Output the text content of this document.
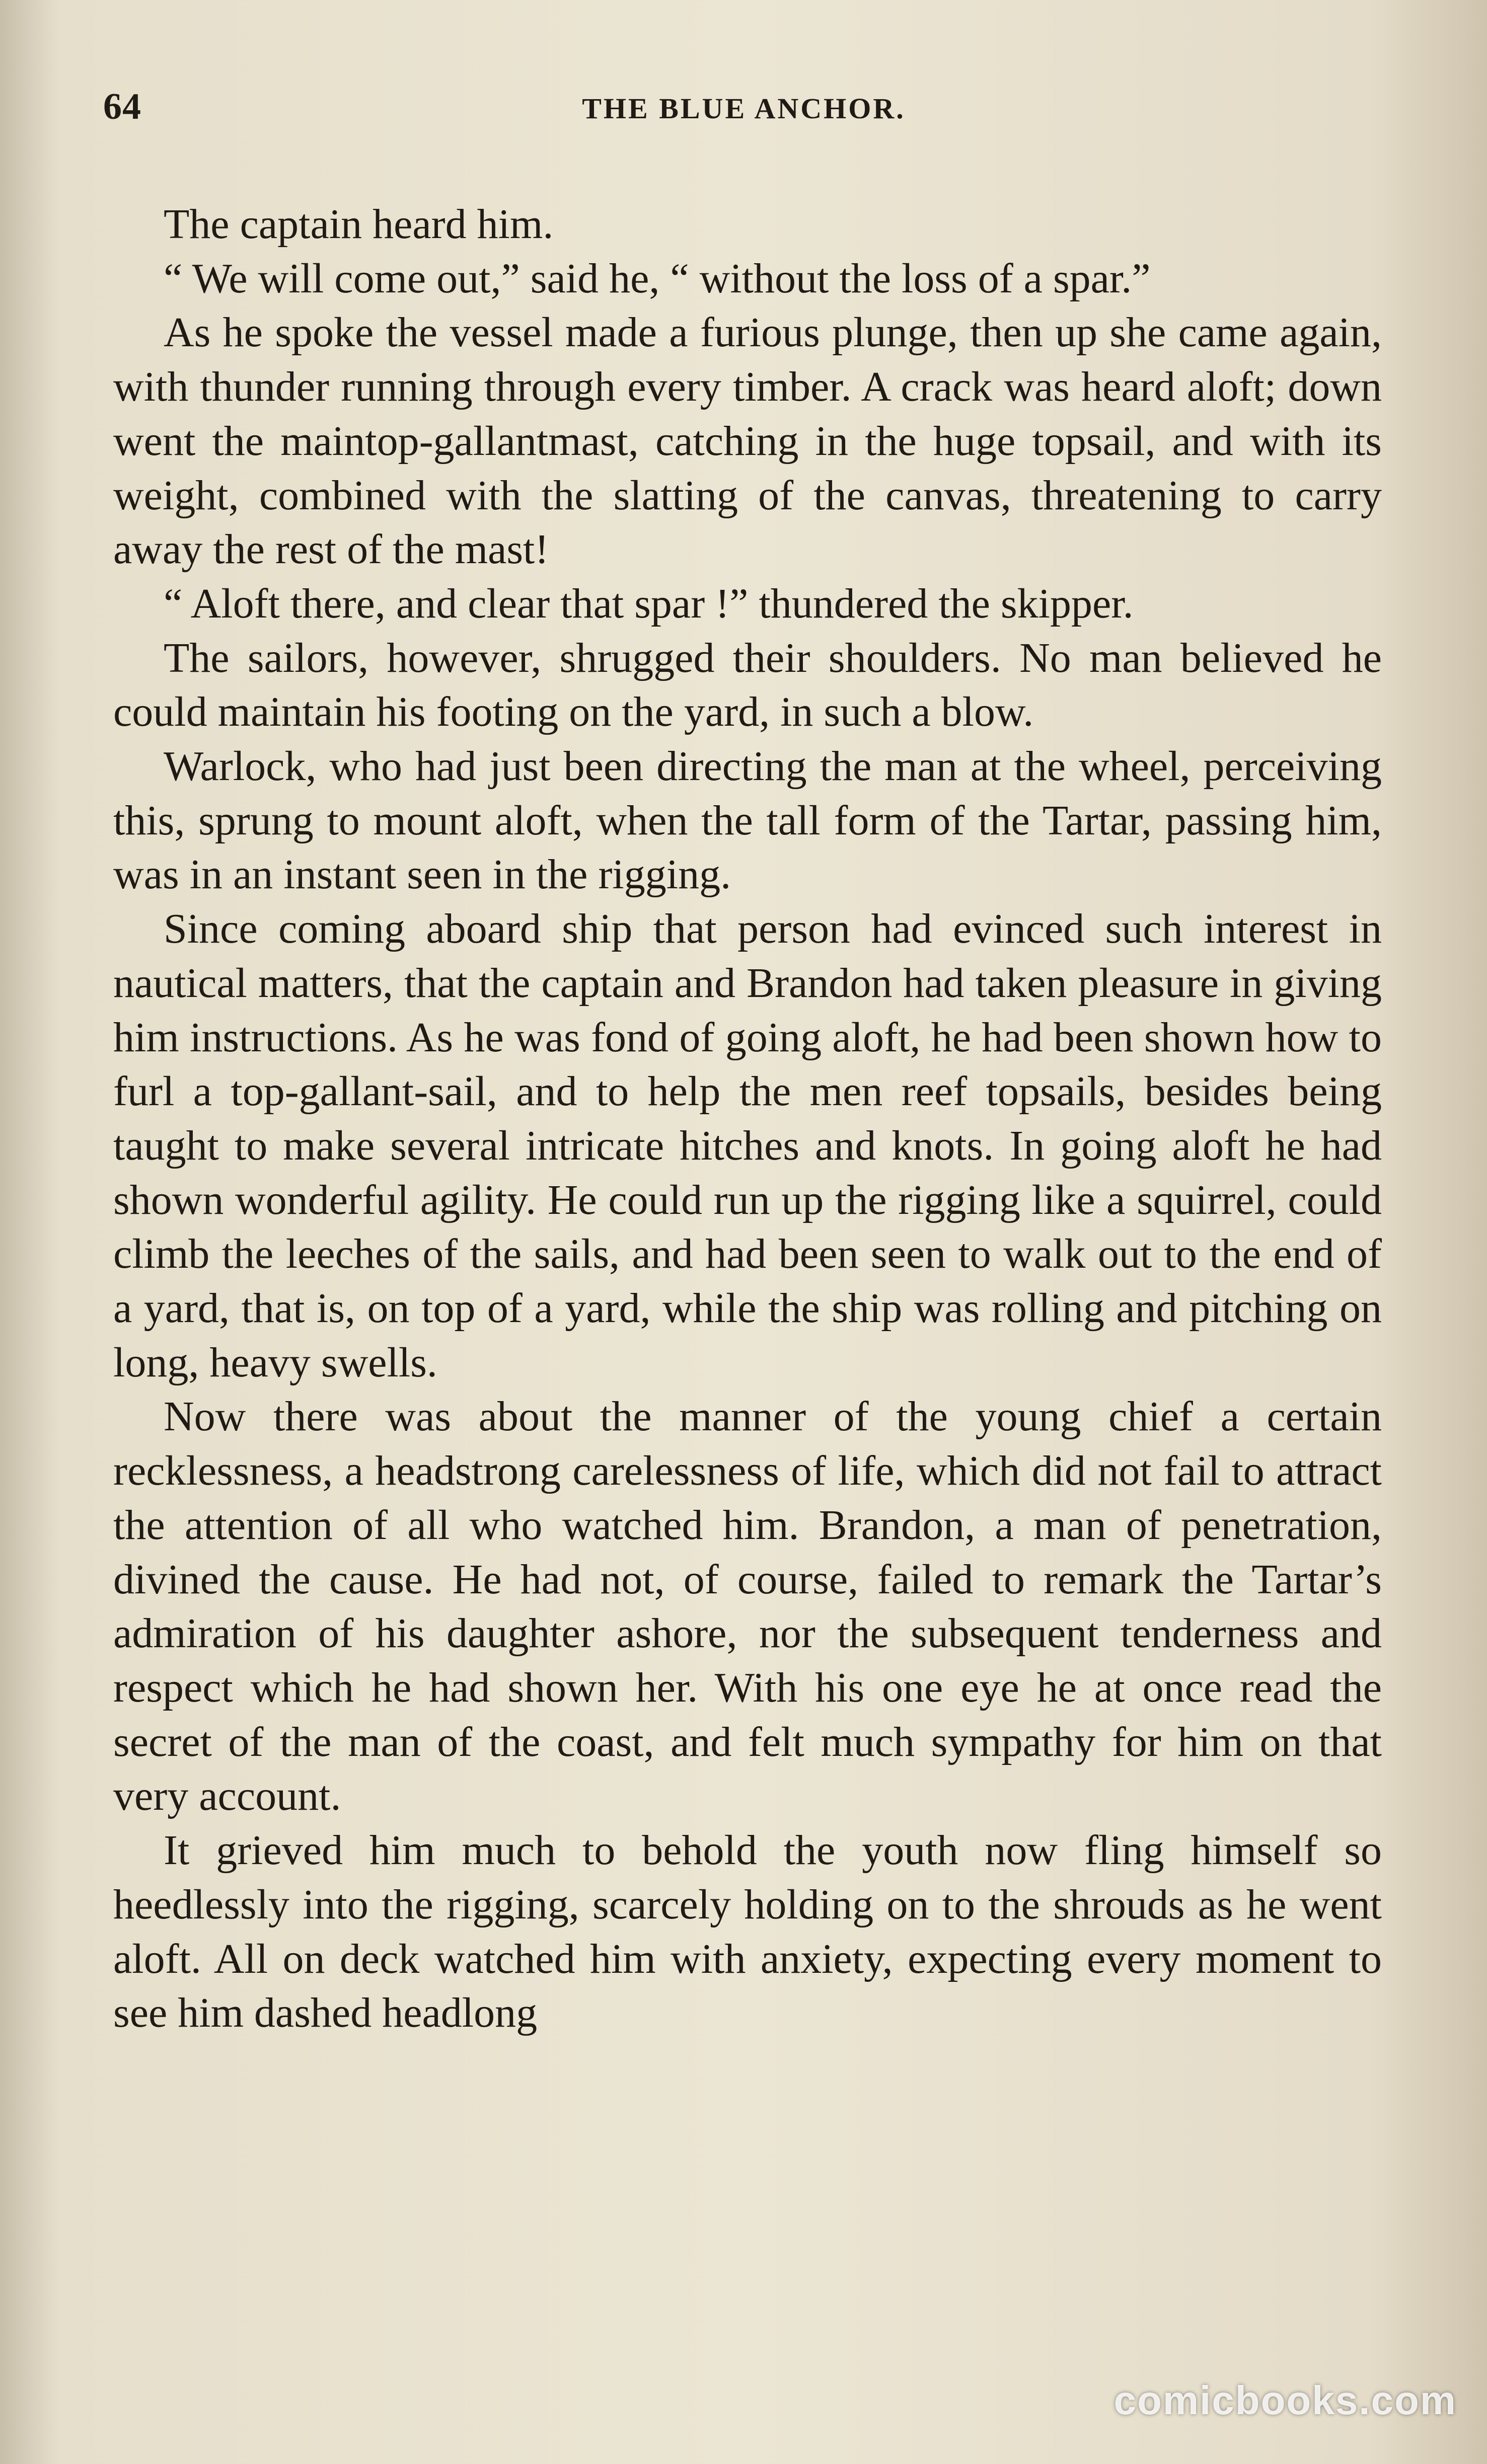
64	THE BLUE ANCHOR.

The captain heard him.

“ We will come out,” said he, “ without the loss of a spar.”

As he spoke the vessel made a furious plunge, then up she came again, with thunder running through every timber. A crack was heard aloft; down went the maintop-gallantmast, catching in the huge topsail, and with its weight, combined with the slatting of the canvas, threatening to carry away the rest of the mast!

“ Aloft there, and clear that spar !” thundered the skipper.

The sailors, however, shrugged their shoulders. No man believed he could maintain his footing on the yard, in such a blow.

Warlock, who had just been directing the man at the wheel, perceiving this, sprung to mount aloft, when the tall form of the Tartar, passing him, was in an instant seen in the rigging.

Since coming aboard ship that person had evinced such interest in nautical matters, that the captain and Brandon had taken pleasure in giving him instructions. As he was fond of going aloft, he had been shown how to furl a top-gallant-sail, and to help the men reef topsails, besides being taught to make several intricate hitches and knots. In going aloft he had shown wonderful agility. He could run up the rigging like a squirrel, could climb the leeches of the sails, and had been seen to walk out to the end of a yard, that is, on top of a yard, while the ship was rolling and pitching on long, heavy swells.

Now there was about the manner of the young chief a certain recklessness, a headstrong carelessness of life, which did not fail to attract the attention of all who watched him. Brandon, a man of penetration, divined the cause. He had not, of course, failed to remark the Tartar’s admiration of his daughter ashore, nor the subsequent tenderness and respect which he had shown her. With his one eye he at once read the secret of the man of the coast, and felt much sympathy for him on that very account.

It grieved him much to behold the youth now fling himself so heedlessly into the rigging, scarcely holding on to the shrouds as he went aloft. All on deck watched him with anxiety, expecting every moment to see him dashed headlong

comicbooks.com
